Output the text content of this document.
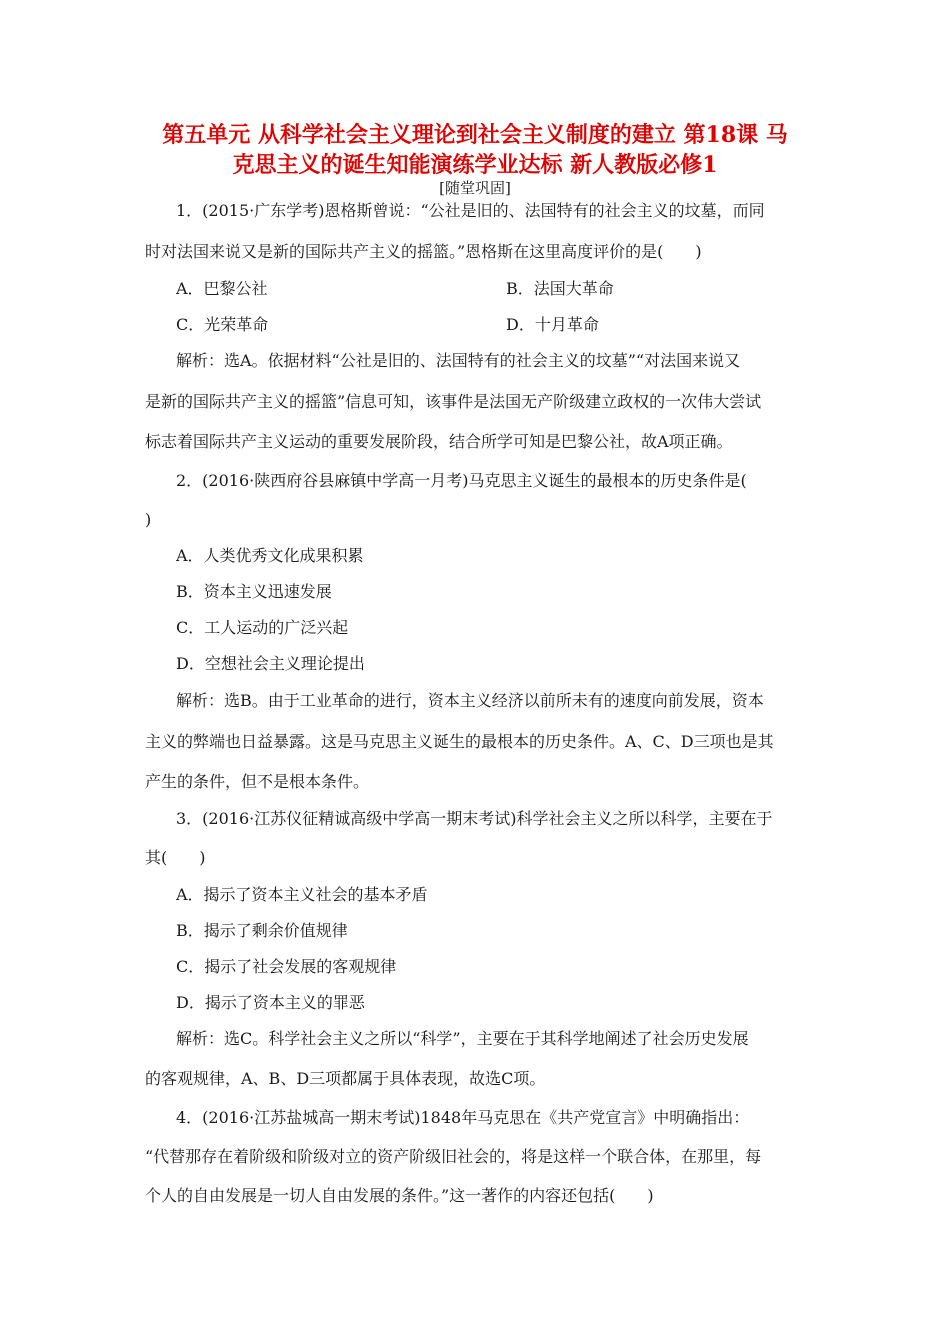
第五单元 从科学社会主义理论到社会主义制度的建立 第18课 马
克思主义的诞生知能演练学业达标 新人教版必修1
[随堂巩固]
1．(2015·广东学考)恩格斯曾说：“公社是旧的、法国特有的社会主义的坟墓，而同
时对法国来说又是新的国际共产主义的摇篮。”恩格斯在这里高度评价的是(　　)
A．巴黎公社	B．法国大革命
C．光荣革命	D．十月革命
解析：选A。依据材料“公社是旧的、法国特有的社会主义的坟墓”“对法国来说又
是新的国际共产主义的摇篮”信息可知，该事件是法国无产阶级建立政权的一次伟大尝试
标志着国际共产主义运动的重要发展阶段，结合所学可知是巴黎公社，故A项正确。
2．(2016·陕西府谷县麻镇中学高一月考)马克思主义诞生的最根本的历史条件是(
)
A．人类优秀文化成果积累
B．资本主义迅速发展
C．工人运动的广泛兴起
D．空想社会主义理论提出
解析：选B。由于工业革命的进行，资本主义经济以前所未有的速度向前发展，资本
主义的弊端也日益暴露。这是马克思主义诞生的最根本的历史条件。A、C、D三项也是其
产生的条件，但不是根本条件。
3．(2016·江苏仪征精诚高级中学高一期末考试)科学社会主义之所以科学，主要在于
其(　　)
A．揭示了资本主义社会的基本矛盾
B．揭示了剩余价值规律
C．揭示了社会发展的客观规律
D．揭示了资本主义的罪恶
解析：选C。科学社会主义之所以“科学”，主要在于其科学地阐述了社会历史发展
的客观规律，A、B、D三项都属于具体表现，故选C项。
4．(2016·江苏盐城高一期末考试)1848年马克思在《共产党宣言》中明确指出：
“代替那存在着阶级和阶级对立的资产阶级旧社会的，将是这样一个联合体，在那里，每
个人的自由发展是一切人自由发展的条件。”这一著作的内容还包括(　　)
